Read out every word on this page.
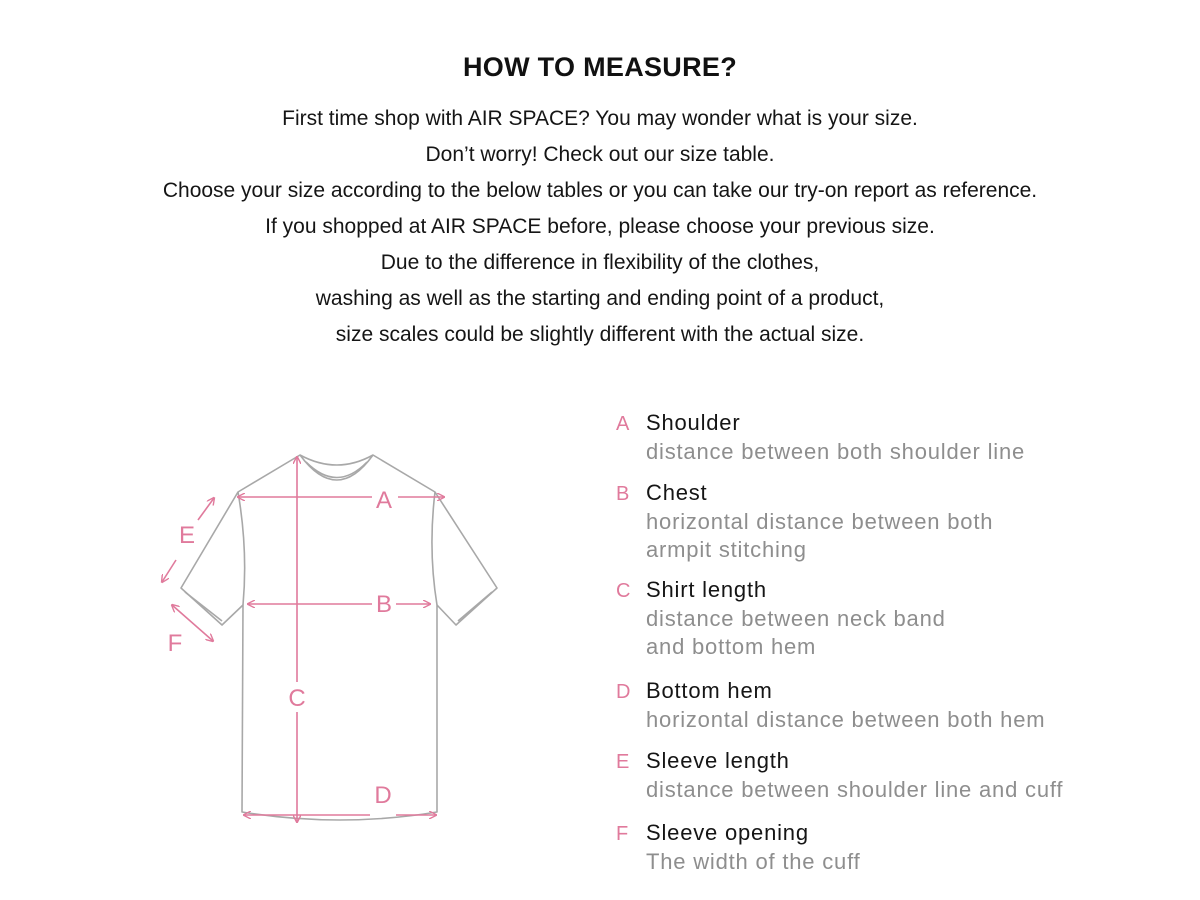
HOW TO MEASURE?
First time shop with AIR SPACE? You may wonder what is your size.
Don’t worry! Check out our size table.
Choose your size according to the below tables or you can take our try-on report as reference.
If you shopped at AIR SPACE before, please choose your previous size.
Due to the difference in flexibility of the clothes,
washing as well as the starting and ending point of a product,
size scales could be slightly different with the actual size.
A
B
C
D
E
F
A Shoulder
distance between both shoulder line
B Chest
horizontal distance between both
armpit stitching
C Shirt length
distance between neck band
and bottom hem
D Bottom hem
horizontal distance between both hem
E Sleeve length
distance between shoulder line and cuff
F Sleeve opening
The width of the cuff
